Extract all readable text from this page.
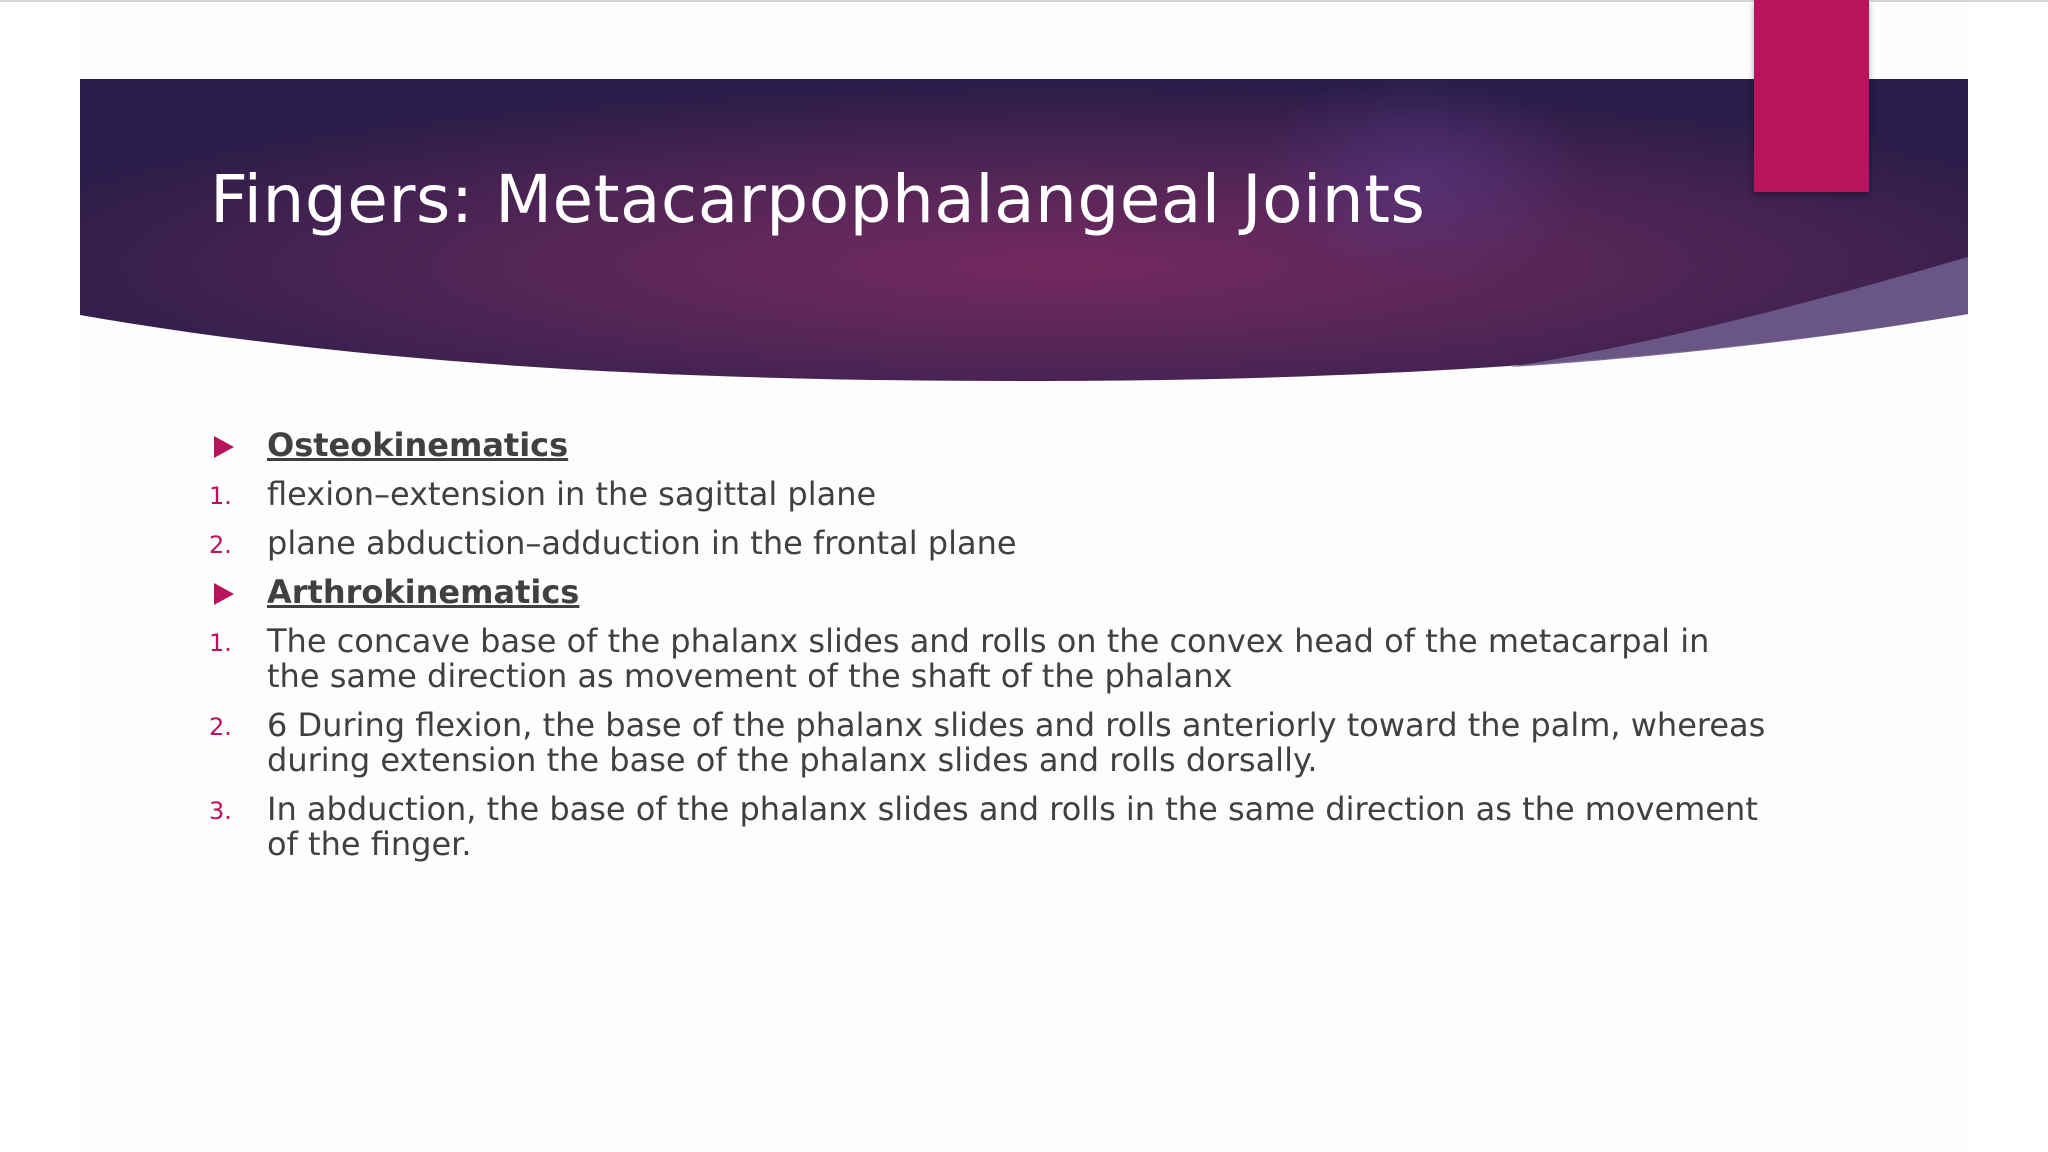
Fingers: Metacarpophalangeal Joints
Osteokinematics
1. flexion–extension in the sagittal plane
2. plane abduction–adduction in the frontal plane
Arthrokinematics
1. The concave base of the phalanx slides and rolls on the convex head of the metacarpal in the same direction as movement of the shaft of the phalanx
2. 6 During flexion, the base of the phalanx slides and rolls anteriorly toward the palm, whereas during extension the base of the phalanx slides and rolls dorsally.
3. In abduction, the base of the phalanx slides and rolls in the same direction as the movement of the finger.
